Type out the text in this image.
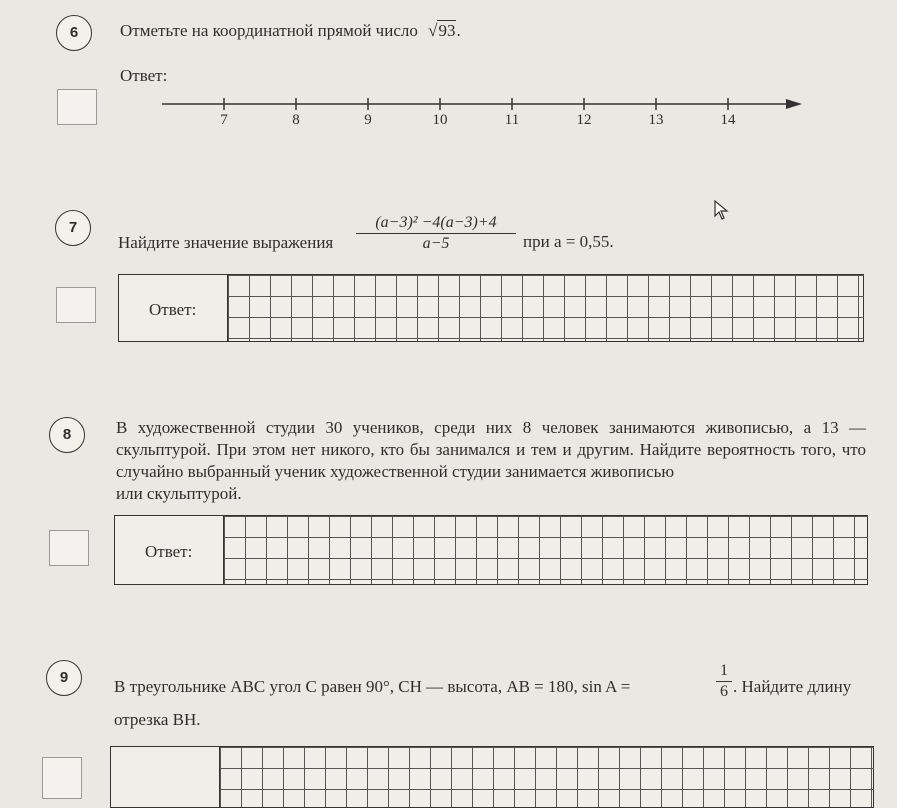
6	Отметьте на координатной прямой число √93.
Ответ:
7	8	9	10	11	12	13	14
7
Найдите значение выражения
(a−3)² −4(a−3)+4
a−5	при a = 0,55.
Ответ:
8	В художественной студии 30 учеников, среди них 8 человек занимаются живописью, а 13 — скульптурой. При этом нет никого, кто бы занимался и тем и другим. Найдите вероятность того, что случайно выбранный ученик художественной студии занимается живописью
или скульптурой.
Ответ:
9	В треугольнике ABC угол C равен 90°, CH — высота, AB = 180, sin A =
1
6 . Найдите длину
отрезка BH.
